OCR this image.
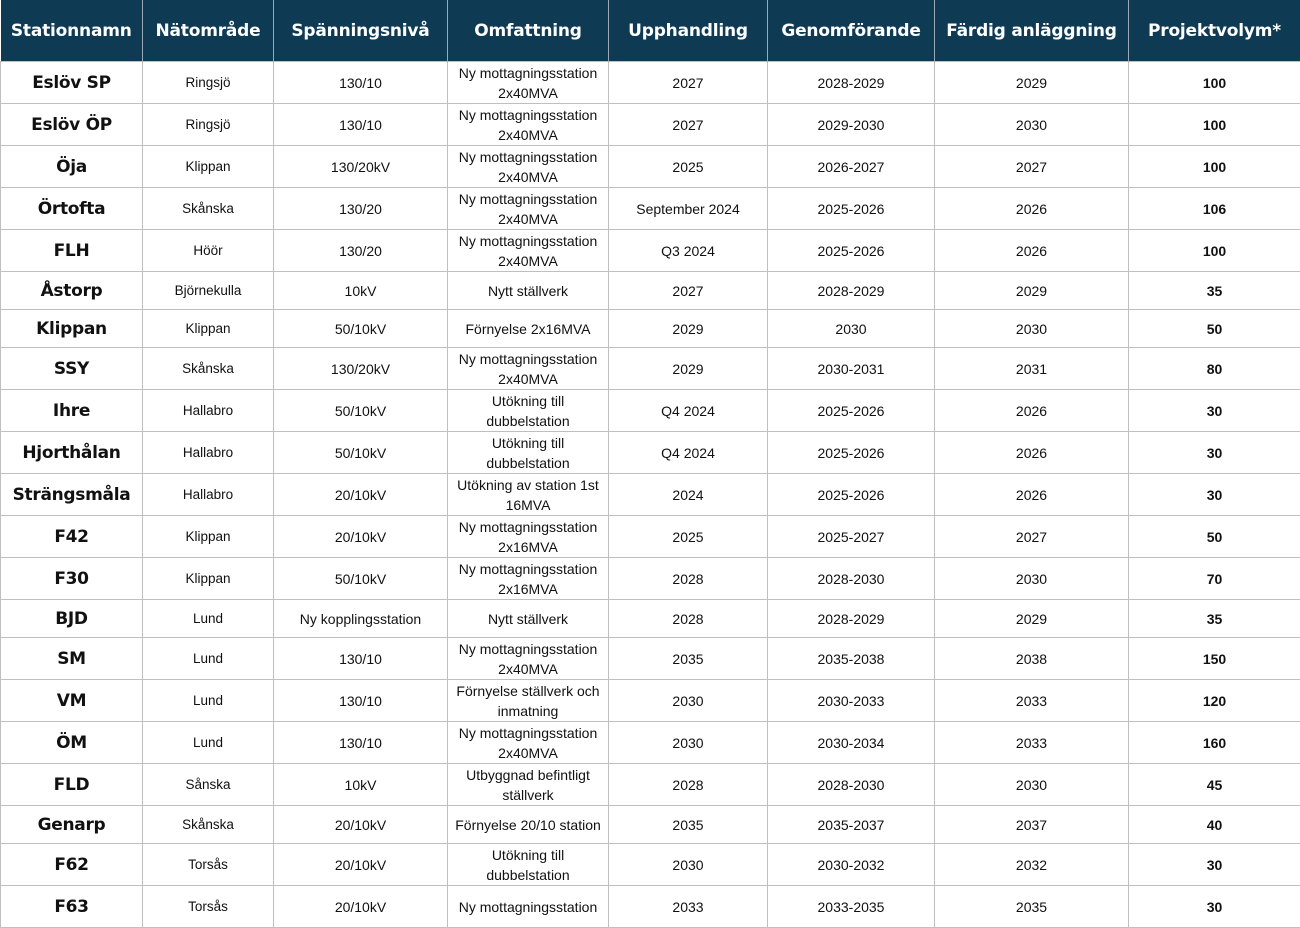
Stationnamn	Nätområde	Spänningsnivå	Omfattning	Upphandling	Genomförande	Färdig anläggning	Projektvolym*
Eslöv SP	Ringsjö	130/10	Ny mottagningsstation 2x40MVA	2027	2028-2029	2029	100
Eslöv ÖP	Ringsjö	130/10	Ny mottagningsstation 2x40MVA	2027	2029-2030	2030	100
Öja	Klippan	130/20kV	Ny mottagningsstation 2x40MVA	2025	2026-2027	2027	100
Örtofta	Skånska	130/20	Ny mottagningsstation 2x40MVA	September 2024	2025-2026	2026	106
FLH	Höör	130/20	Ny mottagningsstation 2x40MVA	Q3 2024	2025-2026	2026	100
Åstorp	Björnekulla	10kV	Nytt ställverk	2027	2028-2029	2029	35
Klippan	Klippan	50/10kV	Förnyelse 2x16MVA	2029	2030	2030	50
SSY	Skånska	130/20kV	Ny mottagningsstation 2x40MVA	2029	2030-2031	2031	80
Ihre	Hallabro	50/10kV	Utökning till dubbelstation	Q4 2024	2025-2026	2026	30
Hjorthålan	Hallabro	50/10kV	Utökning till dubbelstation	Q4 2024	2025-2026	2026	30
Strängsmåla	Hallabro	20/10kV	Utökning av station 1st 16MVA	2024	2025-2026	2026	30
F42	Klippan	20/10kV	Ny mottagningsstation 2x16MVA	2025	2025-2027	2027	50
F30	Klippan	50/10kV	Ny mottagningsstation 2x16MVA	2028	2028-2030	2030	70
BJD	Lund	Ny kopplingsstation	Nytt ställverk	2028	2028-2029	2029	35
SM	Lund	130/10	Ny mottagningsstation 2x40MVA	2035	2035-2038	2038	150
VM	Lund	130/10	Förnyelse ställverk och inmatning	2030	2030-2033	2033	120
ÖM	Lund	130/10	Ny mottagningsstation 2x40MVA	2030	2030-2034	2033	160
FLD	Sånska	10kV	Utbyggnad befintligt ställverk	2028	2028-2030	2030	45
Genarp	Skånska	20/10kV	Förnyelse 20/10 station	2035	2035-2037	2037	40
F62	Torsås	20/10kV	Utökning till dubbelstation	2030	2030-2032	2032	30
F63	Torsås	20/10kV	Ny mottagningsstation	2033	2033-2035	2035	30
